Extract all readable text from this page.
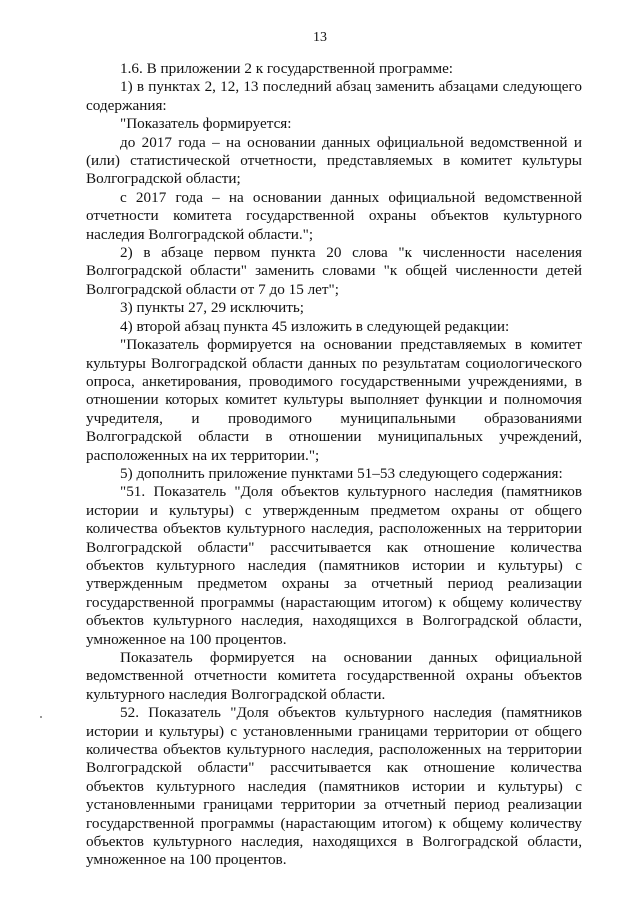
13

1.6. В приложении 2 к государственной программе:

1) в пунктах 2, 12, 13 последний абзац заменить абзацами следующего содержания:

"Показатель формируется:

до 2017 года – на основании данных официальной ведомственной и (или) статистической отчетности, представляемых в комитет культуры Волгоградской области;

с 2017 года – на основании данных официальной ведомственной отчетности комитета государственной охраны объектов культурного наследия Волгоградской области.";

2) в абзаце первом пункта 20 слова "к численности населения Волгоградской области" заменить словами "к общей численности детей Волгоградской области от 7 до 15 лет";

3) пункты 27, 29 исключить;

4) второй абзац пункта 45 изложить в следующей редакции:

"Показатель формируется на основании представляемых в комитет культуры Волгоградской области данных по результатам социологического опроса, анкетирования, проводимого государственными учреждениями, в отношении которых комитет культуры выполняет функции и полномочия учредителя, и проводимого муниципальными образованиями Волгоградской области в отношении муниципальных учреждений, расположенных на их территории.";

5) дополнить приложение пунктами 51–53 следующего содержания:

"51. Показатель "Доля объектов культурного наследия (памятников истории и культуры) с утвержденным предметом охраны от общего количества объектов культурного наследия, расположенных на территории Волгоградской области" рассчитывается как отношение количества объектов культурного наследия (памятников истории и культуры) с утвержденным предметом охраны за отчетный период реализации государственной программы (нарастающим итогом) к общему количеству объектов культурного наследия, находящихся в Волгоградской области, умноженное на 100 процентов.

Показатель формируется на основании данных официальной ведомственной отчетности комитета государственной охраны объектов культурного наследия Волгоградской области.

52. Показатель "Доля объектов культурного наследия (памятников истории и культуры) с установленными границами территории от общего количества объектов культурного наследия, расположенных на территории Волгоградской области" рассчитывается как отношение количества объектов культурного наследия (памятников истории и культуры) с установленными границами территории за отчетный период реализации государственной программы (нарастающим итогом) к общему количеству объектов культурного наследия, находящихся в Волгоградской области, умноженное на 100 процентов.
